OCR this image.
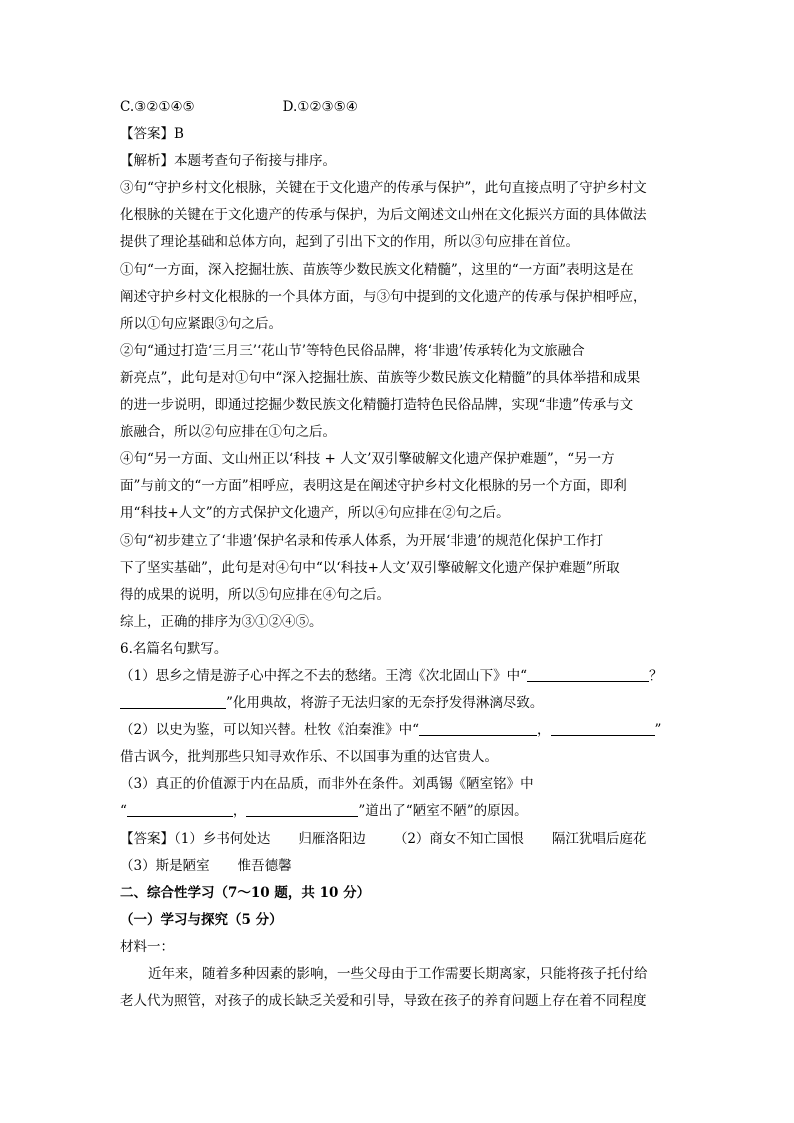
C.③②①④⑤	D.①②③⑤④
【答案】B
【解析】本题考查句子衔接与排序。
③句“守护乡村文化根脉，关键在于文化遗产的传承与保护”，此句直接点明了守护乡村文
化根脉的关键在于文化遗产的传承与保护，为后文阐述文山州在文化振兴方面的具体做法
提供了理论基础和总体方向，起到了引出下文的作用，所以③句应排在首位。
①句“一方面，深入挖掘壮族、苗族等少数民族文化精髓”，这里的“一方面”表明这是在
阐述守护乡村文化根脉的一个具体方面，与③句中提到的文化遗产的传承与保护相呼应，
所以①句应紧跟③句之后。
②句“通过打造‘三月三’‘花山节’等特色民俗品牌，将‘非遗’传承转化为文旅融合
新亮点”，此句是对①句中“深入挖掘壮族、苗族等少数民族文化精髓”的具体举措和成果
的进一步说明，即通过挖掘少数民族文化精髓打造特色民俗品牌，实现“非遗”传承与文
旅融合，所以②句应排在①句之后。
④句“另一方面、文山州正以‘科技 + 人文’双引擎破解文化遗产保护难题”，“另一方
面”与前文的“一方面”相呼应，表明这是在阐述守护乡村文化根脉的另一个方面，即利
用“科技+人文”的方式保护文化遗产，所以④句应排在②句之后。
⑤句“初步建立了‘非遗’保护名录和传承人体系，为开展‘非遗’的规范化保护工作打
下了坚实基础”，此句是对④句中“以‘科技+人文’双引擎破解文化遗产保护难题”所取
得的成果的说明，所以⑤句应排在④句之后。
综上，正确的排序为③①②④⑤。
6.名篇名句默写。
（1）思乡之情是游子心中挥之不去的愁绪。王湾《次北固山下》中“	？
”化用典故，将游子无法归家的无奈抒发得淋漓尽致。
（2）以史为鉴，可以知兴替。杜牧《泊秦淮》中“	，	”
借古讽今，批判那些只知寻欢作乐、不以国事为重的达官贵人。
（3）真正的价值源于内在品质，而非外在条件。刘禹锡《陋室铭》中
“	，	”道出了“陋室不陋”的原因。
【答案】（1）乡书何处达 归雁洛阳边 （2）商女不知亡国恨 隔江犹唱后庭花
（3）斯是陋室 惟吾德馨
二、综合性学习（7～10 题，共 10 分）
（一）学习与探究（5 分）
材料一：
近年来，随着多种因素的影响，一些父母由于工作需要长期离家，只能将孩子托付给
老人代为照管，对孩子的成长缺乏关爱和引导，导致在孩子的养育问题上存在着不同程度
